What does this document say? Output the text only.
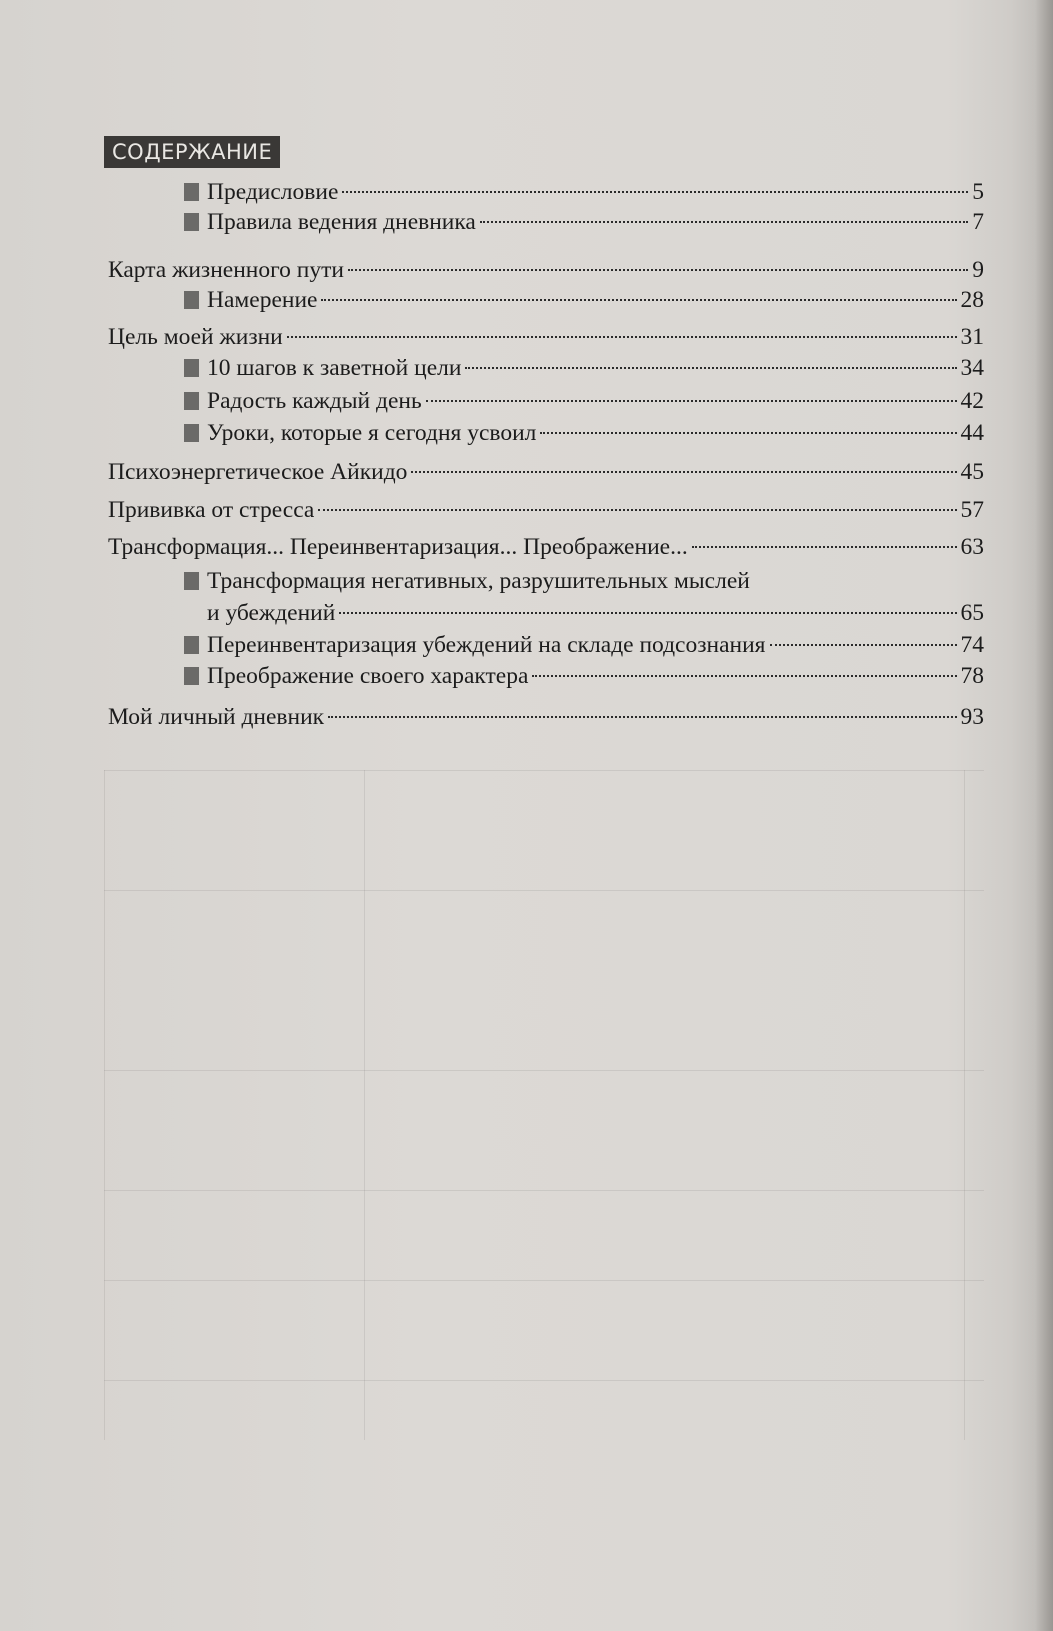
СОДЕРЖАНИЕ
Предисловие	5
Правила ведения дневника	7
Карта жизненного пути	9
Намерение	28
Цель моей жизни	31
10 шагов к заветной цели	34
Радость каждый день	42
Уроки, которые я сегодня усвоил	44
Психоэнергетическое Айкидо	45
Прививка от стресса	57
Трансформация... Переинвентаризация... Преображение...	63
Трансформация негативных, разрушительных мыслей
и убеждений	65
Переинвентаризация убеждений на складе подсознания	74
Преображение своего характера	78
Мой личный дневник	93
